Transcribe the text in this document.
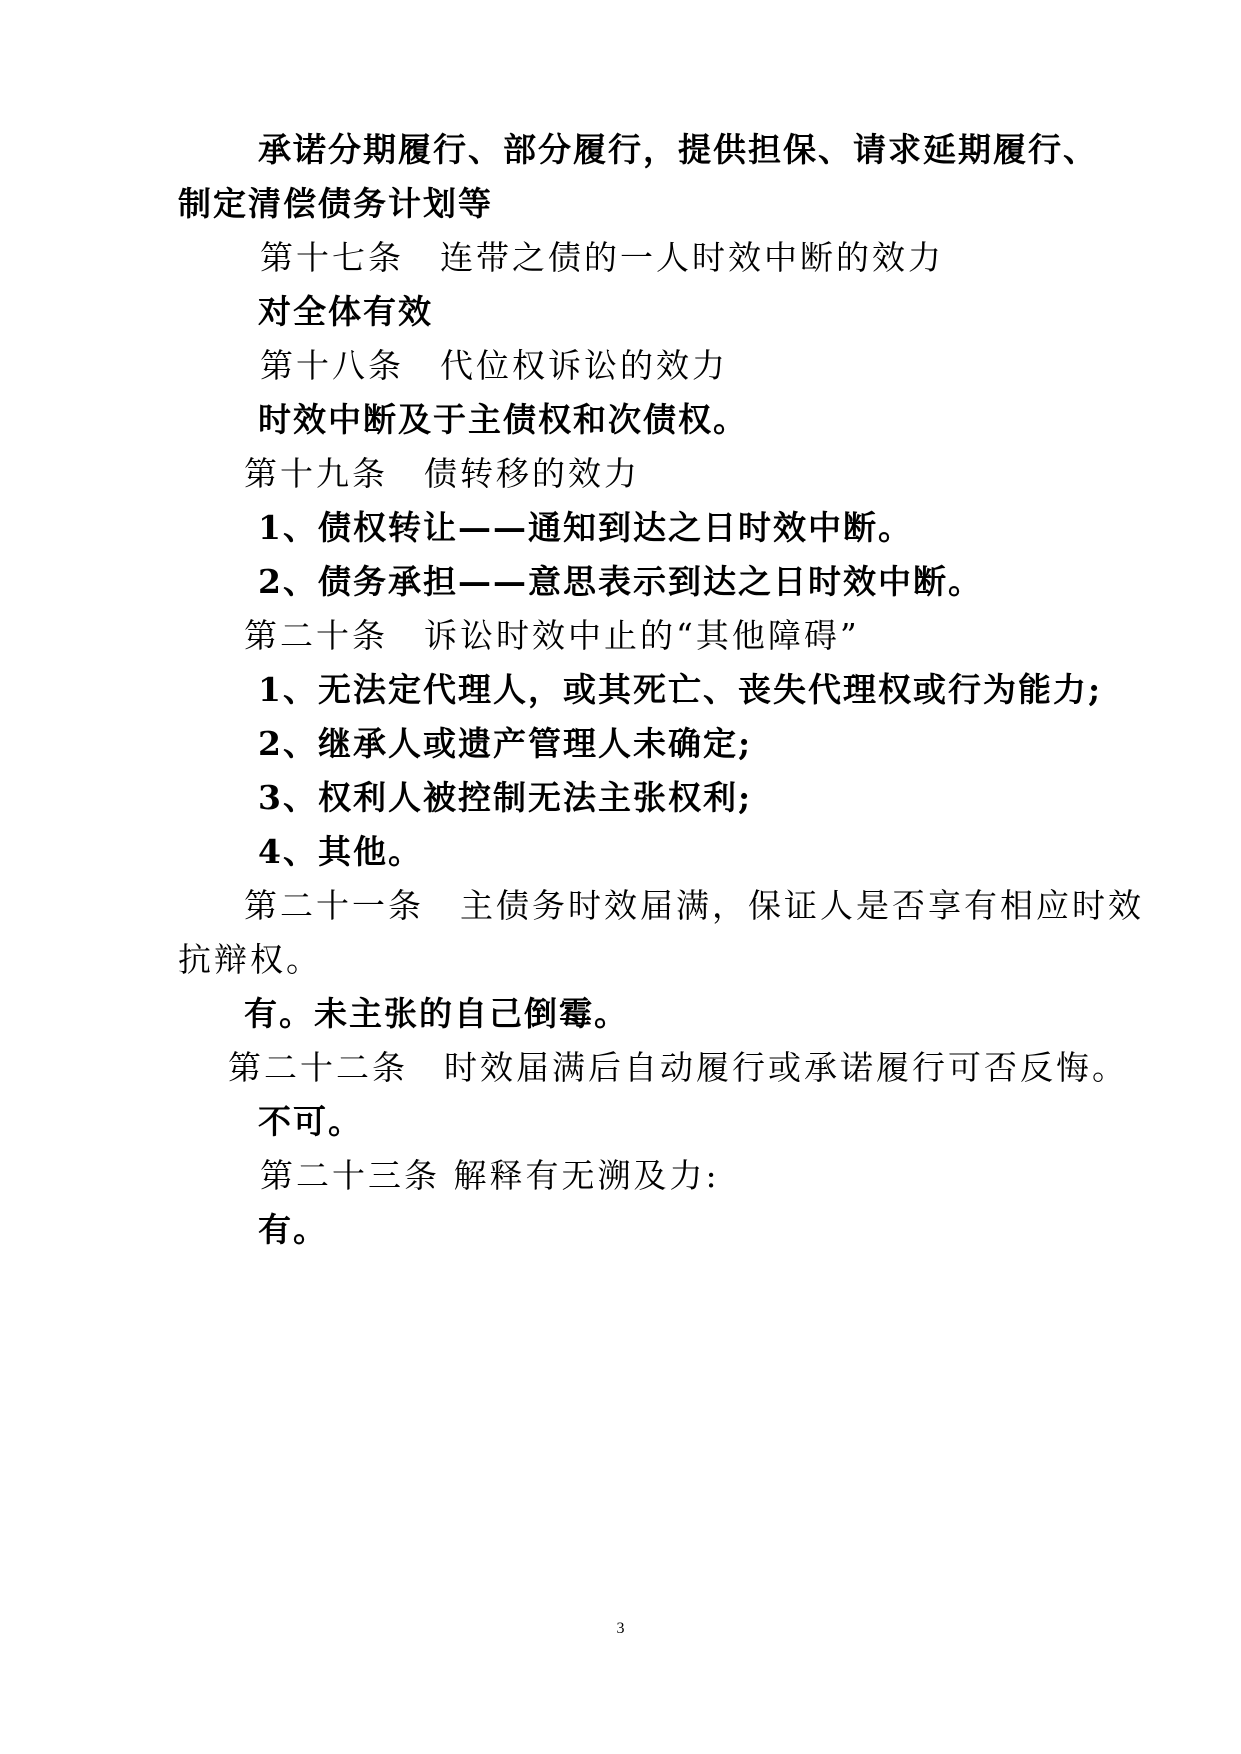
承诺分期履行、部分履行，提供担保、请求延期履行、

制定清偿债务计划等

第十七条　连带之债的一人时效中断的效力

对全体有效

第十八条　代位权诉讼的效力

时效中断及于主债权和次债权。

第十九条　债转移的效力

1、债权转让——通知到达之日时效中断。

2、债务承担——意思表示到达之日时效中断。

第二十条　诉讼时效中止的“其他障碍”

1、无法定代理人，或其死亡、丧失代理权或行为能力;

2、继承人或遗产管理人未确定;

3、权利人被控制无法主张权利;

4、其他。

第二十一条　主债务时效届满，保证人是否享有相应时效

抗辩权。

有。未主张的自己倒霉。

第二十二条　时效届满后自动履行或承诺履行可否反悔。

不可。

第二十三条 解释有无溯及力:

有。

3
